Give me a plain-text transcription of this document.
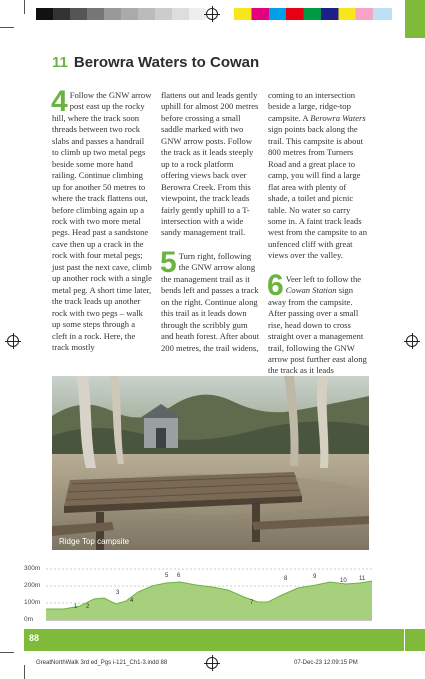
11 Berowra Waters to Cowan

4 Follow the GNW arrow post east up the rocky hill, where the track soon threads between two rock slabs and passes a handrail to climb up two metal pegs beside some more hand railing. Continue climbing up for another 50 metres to where the track flattens out, before climbing again up a rock with two more metal pegs. Head past a sandstone cave then up a crack in the rock with four metal pegs; just past the next cave, climb up another rock with a single metal peg. A short time later, the track leads up another rock with two pegs – walk up some steps through a cleft in a rock. Here, the track mostly

flattens out and leads gently uphill for almost 200 metres before crossing a small saddle marked with two GNW arrow posts. Follow the track as it leads steeply up to a rock platform offering views back over Berowra Creek. From this viewpoint, the track leads fairly gently uphill to a T-intersection with a wide sandy management trail.

5 Turn right, following the GNW arrow along the management trail as it bends left and passes a track on the right. Continue along this trail as it leads down through the scribbly gum and heath forest. After about 200 metres, the trail widens,

coming to an intersection beside a large, ridge-top campsite. A Berowra Waters sign points back along the trail. This campsite is about 800 metres from Turners Road and a great place to camp, you will find a large flat area with plenty of shade, a toilet and picnic table. No water so carry some in. A faint track leads west from the campsite to an unfenced cliff with great views over the valley.

6 Veer left to follow the Cowan Station sign away from the campsite. After passing over a small rise, head down to cross straight over a management trail, following the GNW arrow post further east along the track as it leads

Ridge Top campsite
300m
200m
100m
0m
1 2
3
4
5 6
7
8	9
10 11
88
GreatNorthWalk 3rd ed_Pgs i-121_Ch1-3.indd 88	07-Dec-23 12:09:15 PM
